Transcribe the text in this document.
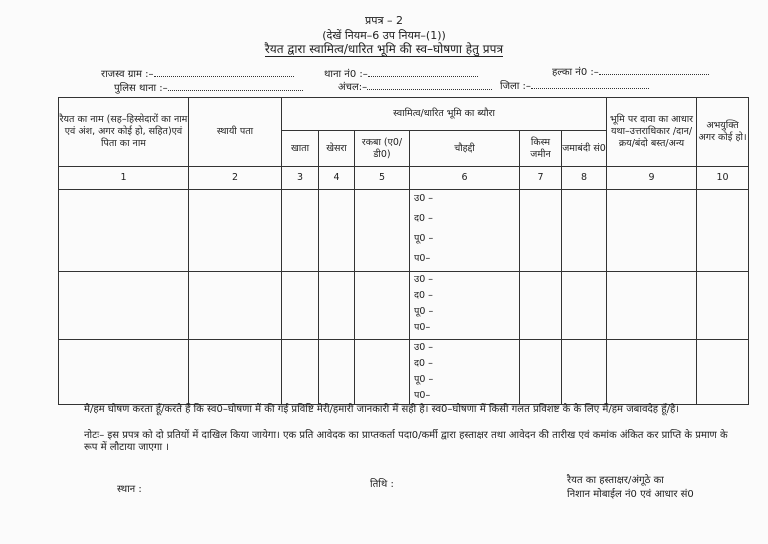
प्रपत्र – 2
(देखें नियम–6 उप नियम–(1))
रैयत द्वारा स्वामित्व/धारित भूमि की स्व–घोषणा हेतु प्रपत्र
राजस्व ग्राम :–	थाना नं0 :–	हल्का नं0 :–
पुलिस थाना :–	अंचल:–	जिला :–
रैयत का नाम (सह–हिस्सेदारों का नाम एवं अंश, अगर कोई हो, सहित)एवं पिता का नाम	स्थायी पता	स्वामित्व/धारित भूमि का ब्यौरा						भूमि पर दावा का आधार यथा–उत्तराधिकार /दान/क्रय/बंदो बस्त/अन्य	अभयुक्ति अगर कोई हो।
		खाता	खेसरा	रकबा (ए0/डी0)	चौहद्दी	किस्म जमीन	जमाबंदी सं0		
1	2	3	4	5	6	7	8	9	10

					उ0 –
द0 –
पू0 –
प0–				

					उ0 –
द0 –
पू0 –
प0–				

					उ0 –
द0 –
पू0 –
प0–				

मै/हम घोषण करता हूँ/करते हैं कि स्व0–घोषणा में की गई प्रविष्टि मेरी/हमारी जानकारी में सही है। स्व0–घोषणा में किसी गलत प्रविशष्ट के के लिए मैं/हम जबावदेह हूँ/है।
नोटः– इस प्रपत्र को दो प्रतियों में दाखिल किया जायेगा। एक प्रति आवेदक का प्राप्तकर्ता पदा0/कर्मी द्वारा हस्ताक्षर तथा आवेदन की तारीख एवं कमांक अंकित कर प्राप्ति के प्रमाण के रूप में लौटाया जाएगा ।
स्थान :	तिथि :	रैयत का हस्ताक्षर/अंगूठे का
निशान मोबाईल नं0 एवं आधार सं0
